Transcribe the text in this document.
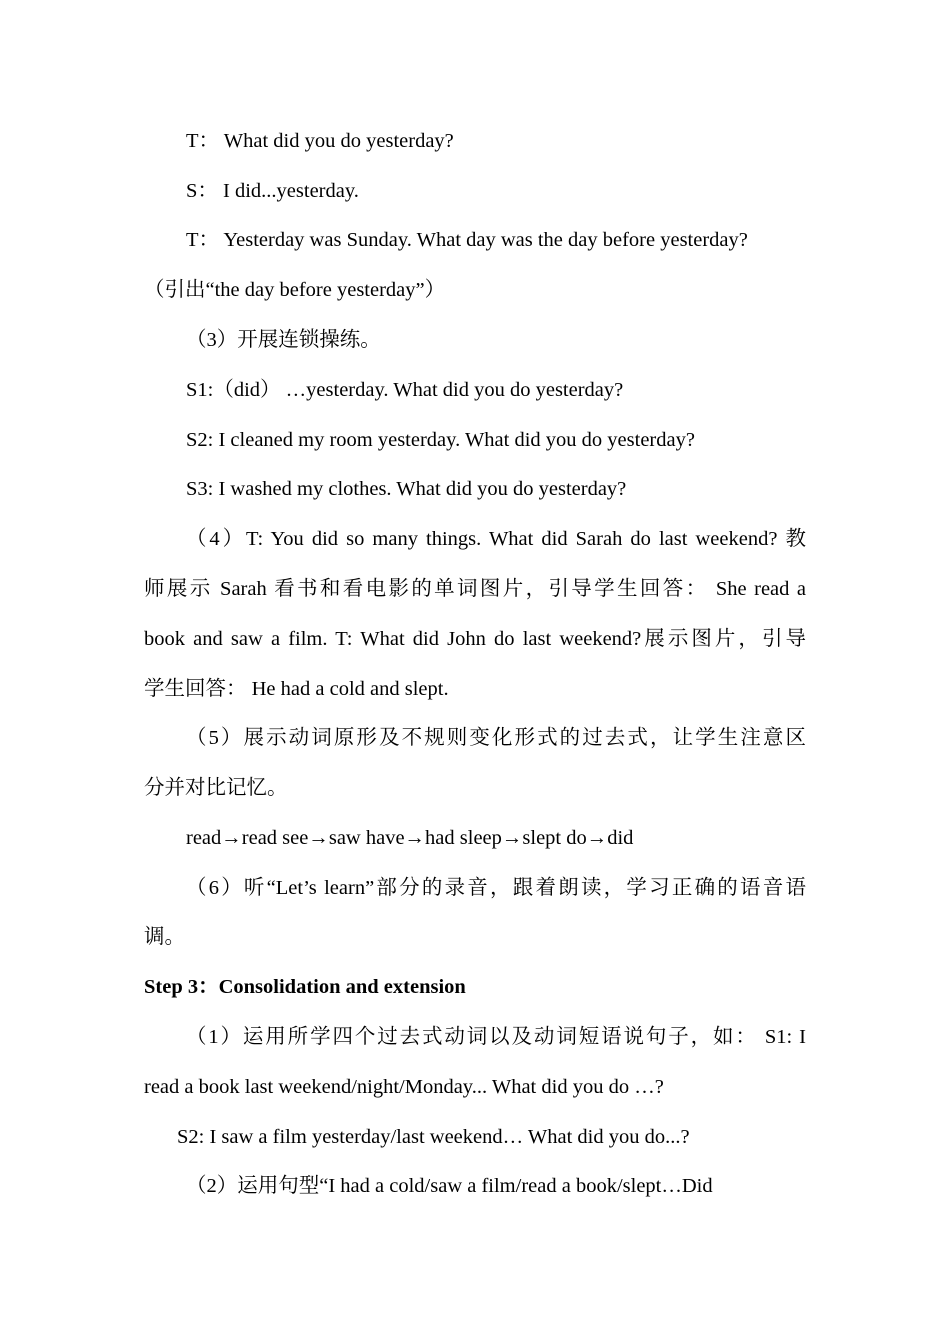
T： What did you do yesterday?
S： I did...yesterday.
T： Yesterday was Sunday. What day was the day before yesterday?
（引出“the day before yesterday”）
（3）开展连锁操练。
S1:（did） …yesterday. What did you do yesterday?
S2: I cleaned my room yesterday. What did you do yesterday?
S3: I washed my clothes. What did you do yesterday?
（4）T: You did so many things. What did Sarah do last weekend? 教
师展示 Sarah 看书和看电影的单词图片，引导学生回答： She read a
book and saw a film. T: What did John do last weekend?展示图片，引导
学生回答： He had a cold and slept.
（5）展示动词原形及不规则变化形式的过去式，让学生注意区
分并对比记忆。
read→read see→saw have→had sleep→slept do→did
（6）听“Let’s learn”部分的录音，跟着朗读，学习正确的语音语
调。
Step 3：Consolidation and extension
（1）运用所学四个过去式动词以及动词短语说句子，如： S1: I
read a book last weekend/night/Monday... What did you do …?
S2: I saw a film yesterday/last weekend… What did you do...?
（2）运用句型“I had a cold/saw a film/read a book/slept…Did
